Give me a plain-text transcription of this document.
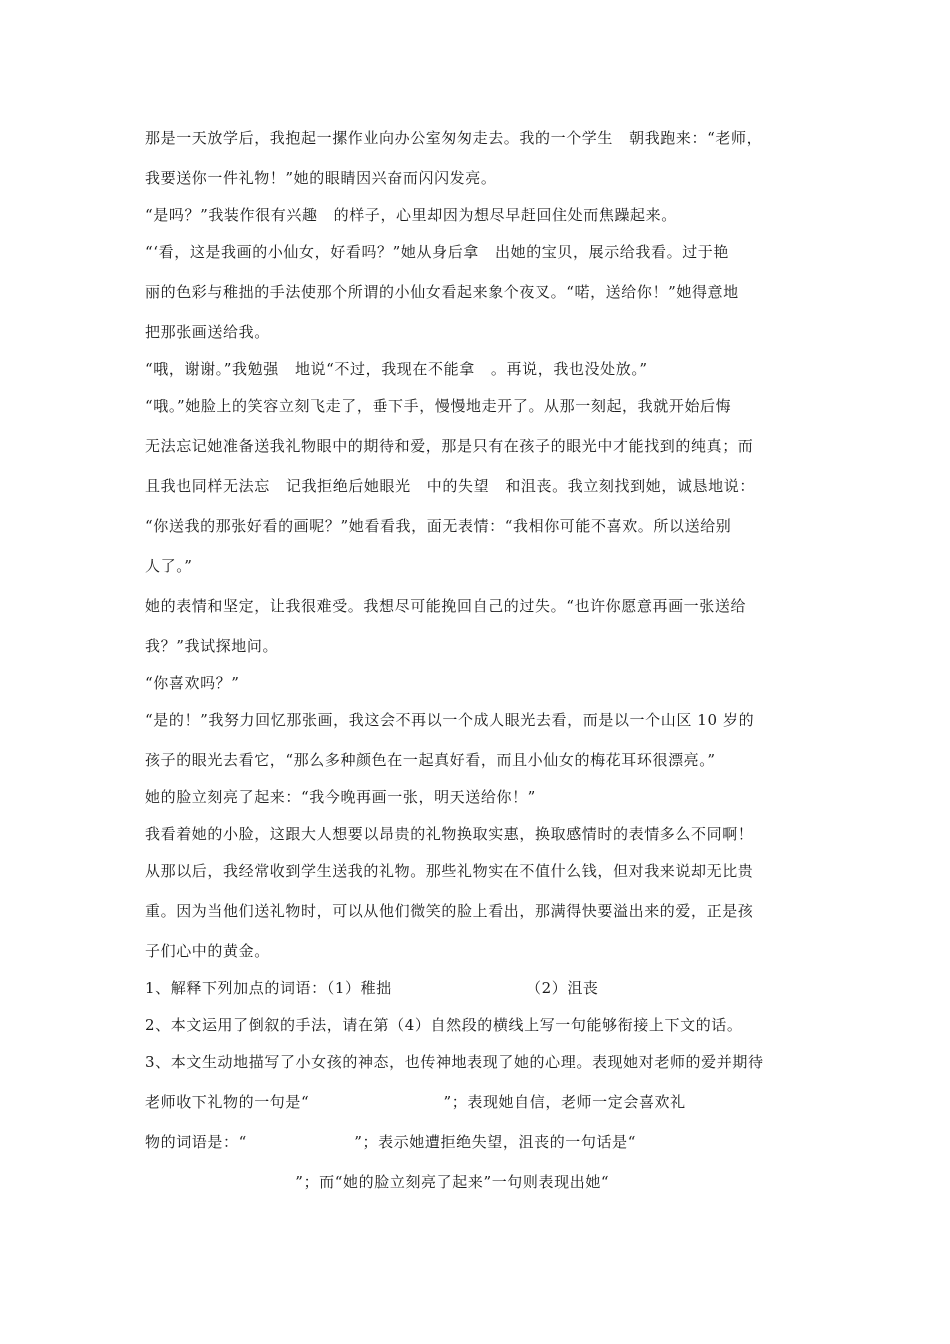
那是一天放学后，我抱起一摞作业向办公室匆匆走去。我的一个学生   朝我跑来：“老师，
我要送你一件礼物！”她的眼睛因兴奋而闪闪发亮。
“是吗？”我装作很有兴趣   的样子，心里却因为想尽早赶回住处而焦躁起来。
“‘看，这是我画的小仙女，好看吗？”她从身后拿   出她的宝贝，展示给我看。过于艳
丽的色彩与稚拙的手法使那个所谓的小仙女看起来象个夜叉。“喏，送给你！”她得意地
把那张画送给我。
“哦，谢谢。”我勉强   地说“不过，我现在不能拿   。再说，我也没处放。”
“哦。”她脸上的笑容立刻飞走了，垂下手，慢慢地走开了。从那一刻起，我就开始后悔
无法忘记她准备送我礼物眼中的期待和爱，那是只有在孩子的眼光中才能找到的纯真；而
且我也同样无法忘   记我拒绝后她眼光   中的失望   和沮丧。我立刻找到她，诚恳地说：
“你送我的那张好看的画呢？”她看看我，面无表情：“我相你可能不喜欢。所以送给别
人了。”
她的表情和坚定，让我很难受。我想尽可能挽回自己的过失。“也许你愿意再画一张送给
我？”我试探地问。
“你喜欢吗？”
“是的！”我努力回忆那张画，我这会不再以一个成人眼光去看，而是以一个山区 10 岁的
孩子的眼光去看它，“那么多种颜色在一起真好看，而且小仙女的梅花耳环很漂亮。”
她的脸立刻亮了起来：“我今晚再画一张，明天送给你！”
我看着她的小脸，这跟大人想要以昂贵的礼物换取实惠，换取感情时的表情多么不同啊！
从那以后，我经常收到学生送我的礼物。那些礼物实在不值什么钱，但对我来说却无比贵
重。因为当他们送礼物时，可以从他们微笑的脸上看出，那满得快要溢出来的爱，正是孩
子们心中的黄金。
1、解释下列加点的词语：（1）稚拙                         （2）沮丧
2、本文运用了倒叙的手法，请在第（4）自然段的横线上写一句能够衔接上下文的话。
3、本文生动地描写了小女孩的神态，也传神地表现了她的心理。表现她对老师的爱并期待
老师收下礼物的一句是“                         ”；表现她自信，老师一定会喜欢礼
物的词语是：“                    ”；表示她遭拒绝失望，沮丧的一句话是“
”；而“她的脸立刻亮了起来”一句则表现出她“
